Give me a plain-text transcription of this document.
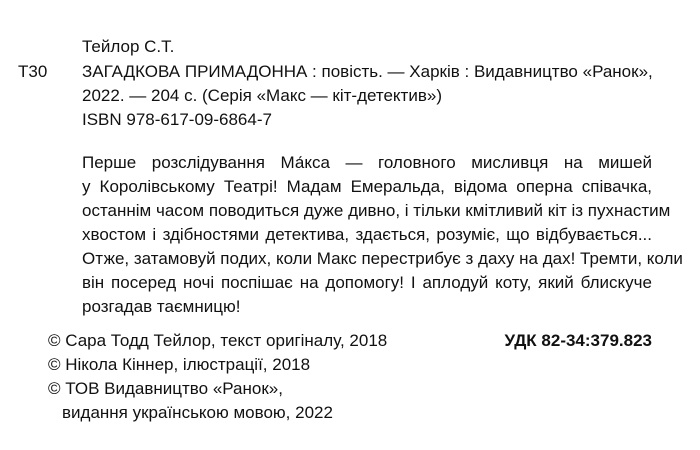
Тейлор С.Т.
Т30 ЗАГАДКОВА ПРИМАДОННА : повість. — Харків : Видавництво «Ранок»,
2022. — 204 с. (Серія «Макс — кіт-детектив»)
ISBN 978-617-09-6864-7
Перше розслідування Ма́кса — головного мисливця на мишей
у Королівському Театрі! Мадам Емеральда, відома оперна співачка,
останнім часом поводиться дуже дивно, і тільки кмітливий кіт із пухнастим
хвостом і здібностями детектива, здається, розуміє, що відбувається...
Отже, затамовуй подих, коли Макс перестрибує з даху на дах! Тремти, коли
він посеред ночі поспішає на допомогу! І аплодуй коту, який блискуче
розгадав таємницю!
© Сара Тодд Тейлор, текст оригіналу, 2018
© Нікола Кіннер, ілюстрації, 2018
© ТОВ Видавництво «Ранок»,
видання українською мовою, 2022
УДК 82-34:379.823
